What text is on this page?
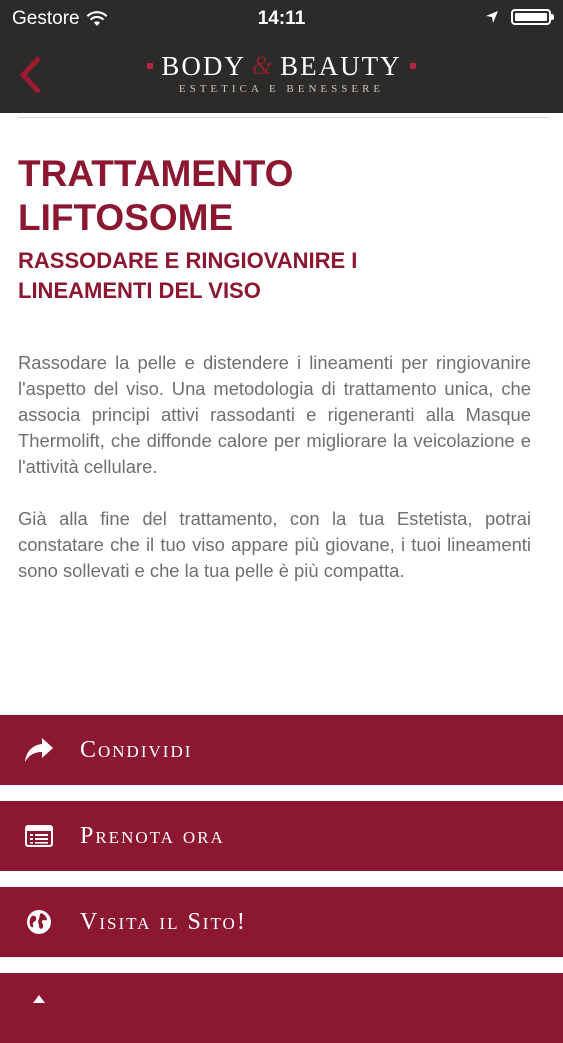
Gestore	14:11
BODY & BEAUTY
ESTETICA E BENESSERE
TRATTAMENTO
LIFTOSOME
RASSODARE E RINGIOVANIRE I
LINEAMENTI DEL VISO

Rassodare la pelle e distendere i lineamenti per ringiovanire l'aspetto del viso. Una metodologia di trattamento unica, che associa principi attivi rassodanti e rigeneranti alla Masque Thermolift, che diffonde calore per migliorare la veicolazione e l'attività cellulare.

Già alla fine del trattamento, con la tua Estetista, potrai constatare che il tuo viso appare più giovane, i tuoi lineamenti sono sollevati e che la tua pelle è più compatta.

Condividi
Prenota ora
Visita il Sito!
